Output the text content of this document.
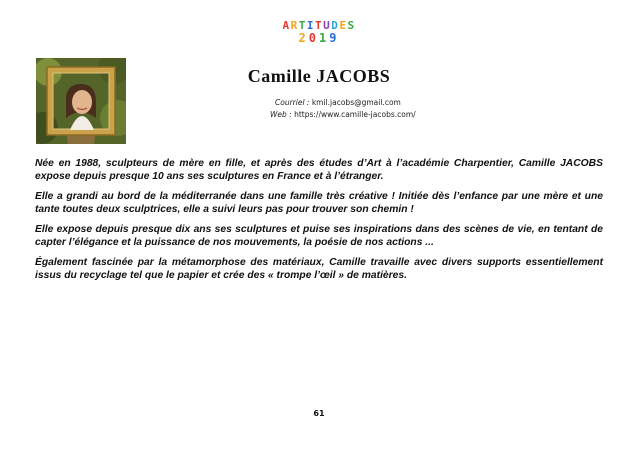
ARTITUDES
2019
Camille JACOBS
Courriel : kmil.jacobs@gmail.com
Web : https://www.camille-jacobs.com/

Née en 1988, sculpteurs de mère en fille, et après des études d’Art à l’académie Charpentier, Camille JACOBS expose depuis presque 10 ans ses sculptures en France et à l’étranger.

Elle a grandi au bord de la méditerranée dans une famille très créative ! Initiée dès l’enfance par une mère et une tante toutes deux sculptrices, elle a suivi leurs pas pour trouver son chemin !

Elle expose depuis presque dix ans ses sculptures et puise ses inspirations dans des scènes de vie, en tentant de capter l’élégance et la puissance de nos mouvements, la poésie de nos actions ...

Également fascinée par la métamorphose des matériaux, Camille travaille avec divers supports essentiellement issus du recyclage tel que le papier et crée des « trompe l’œil » de matières.

61
